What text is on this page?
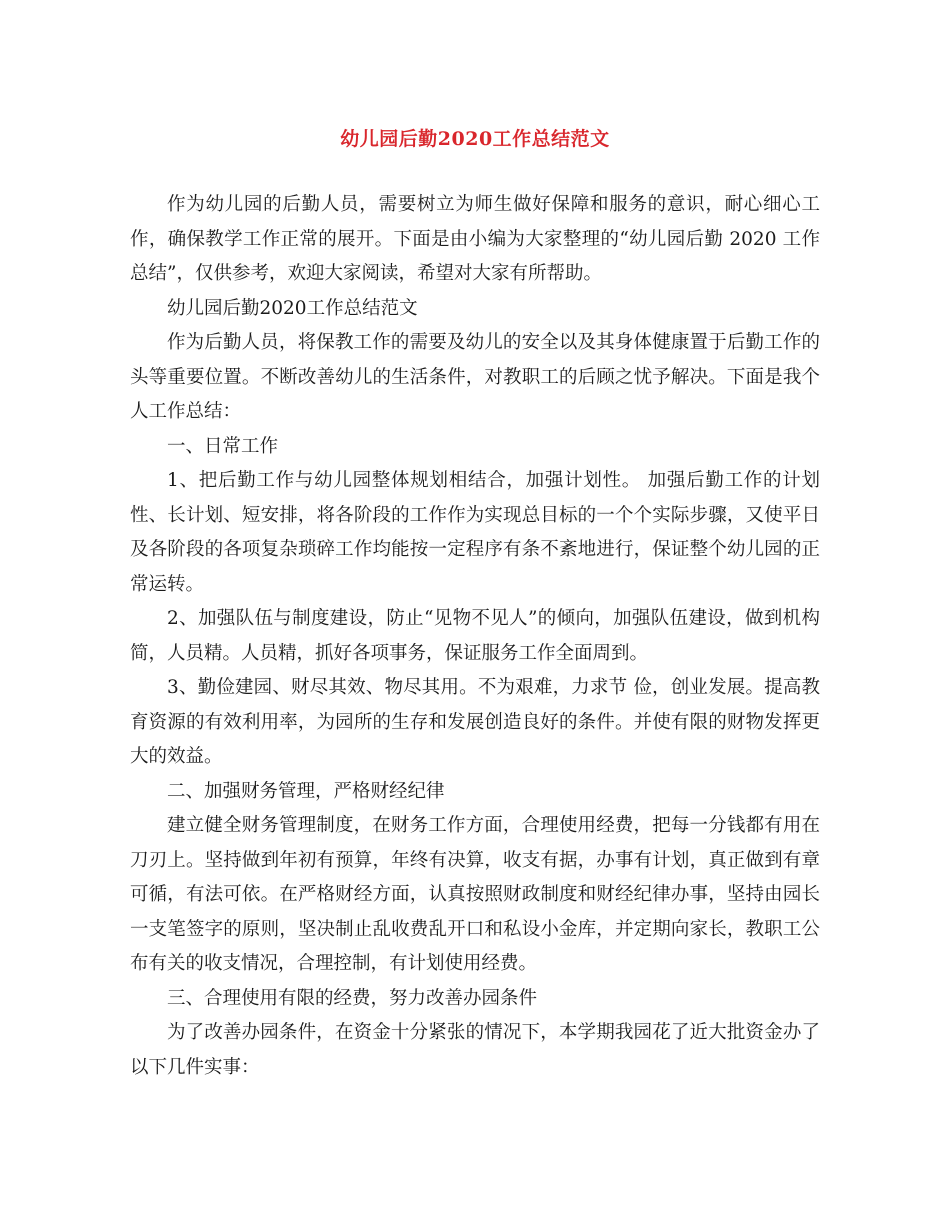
幼儿园后勤2020工作总结范文

作为幼儿园的后勤人员，需要树立为师生做好保障和服务的意识，耐心细心工作，确保教学工作正常的展开。下面是由小编为大家整理的“幼儿园后勤 2020 工作总结”，仅供参考，欢迎大家阅读，希望对大家有所帮助。

幼儿园后勤2020工作总结范文

作为后勤人员，将保教工作的需要及幼儿的安全以及其身体健康置于后勤工作的头等重要位置。不断改善幼儿的生活条件，对教职工的后顾之忧予解决。下面是我个人工作总结：

一、日常工作

1、把后勤工作与幼儿园整体规划相结合，加强计划性。 加强后勤工作的计划性、长计划、短安排，将各阶段的工作作为实现总目标的一个个实际步骤，又使平日及各阶段的各项复杂琐碎工作均能按一定程序有条不紊地进行，保证整个幼儿园的正常运转。

2、加强队伍与制度建设，防止“见物不见人”的倾向，加强队伍建设，做到机构简，人员精。人员精，抓好各项事务，保证服务工作全面周到。

3、勤俭建园、财尽其效、物尽其用。不为艰难，力求节 俭，创业发展。提高教育资源的有效利用率，为园所的生存和发展创造良好的条件。并使有限的财物发挥更大的效益。

二、加强财务管理，严格财经纪律

建立健全财务管理制度，在财务工作方面，合理使用经费，把每一分钱都有用在刀刃上。坚持做到年初有预算，年终有决算，收支有据，办事有计划，真正做到有章可循，有法可依。在严格财经方面，认真按照财政制度和财经纪律办事，坚持由园长一支笔签字的原则，坚决制止乱收费乱开口和私设小金库，并定期向家长，教职工公布有关的收支情况，合理控制，有计划使用经费。

三、合理使用有限的经费，努力改善办园条件

为了改善办园条件，在资金十分紧张的情况下，本学期我园花了近大批资金办了以下几件实事：
